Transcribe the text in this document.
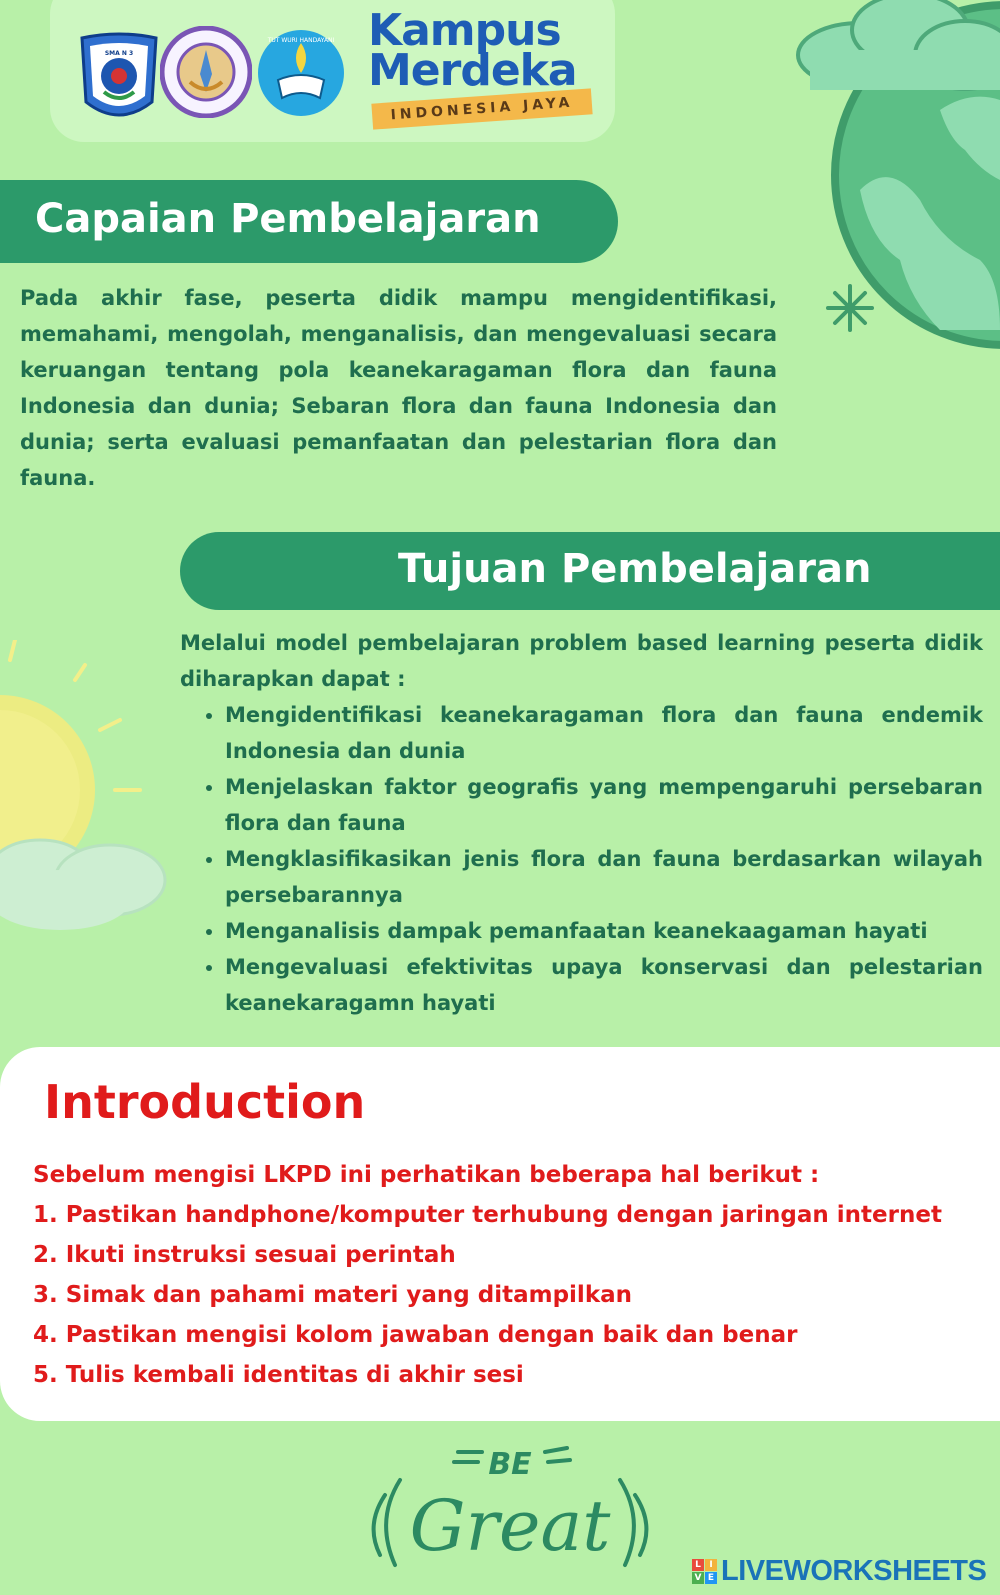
SMA N 3
TUT WURI HANDAYANI Kampus
Merdeka
INDONESIA JAYA
Capaian Pembelajaran

Pada akhir fase, peserta didik mampu mengidentifikasi, memahami, mengolah, menganalisis, dan mengevaluasi secara keruangan tentang pola keanekaragaman flora dan fauna Indonesia dan dunia; Sebaran flora dan fauna Indonesia dan dunia; serta evaluasi pemanfaatan dan pelestarian flora dan fauna.

Tujuan Pembelajaran

Melalui model pembelajaran problem based learning peserta didik diharapkan dapat :

• Mengidentifikasi keanekaragaman flora dan fauna endemik Indonesia dan dunia
• Menjelaskan faktor geografis yang mempengaruhi persebaran flora dan fauna
• Mengklasifikasikan jenis flora dan fauna berdasarkan wilayah persebarannya
• Menganalisis dampak pemanfaatan keanekaagaman hayati
• Mengevaluasi efektivitas upaya konservasi dan pelestarian keanekaragamn hayati
Introduction

Sebelum mengisi LKPD ini perhatikan beberapa hal berikut :

1. Pastikan handphone/komputer terhubung dengan jaringan internet
2. Ikuti instruksi sesuai perintah
3. Simak dan pahami materi yang ditampilkan
4. Pastikan mengisi kolom jawaban dengan baik dan benar
5. Tulis kembali identitas di akhir sesi
BE
Great	L I
V E LIVEWORKSHEETS
